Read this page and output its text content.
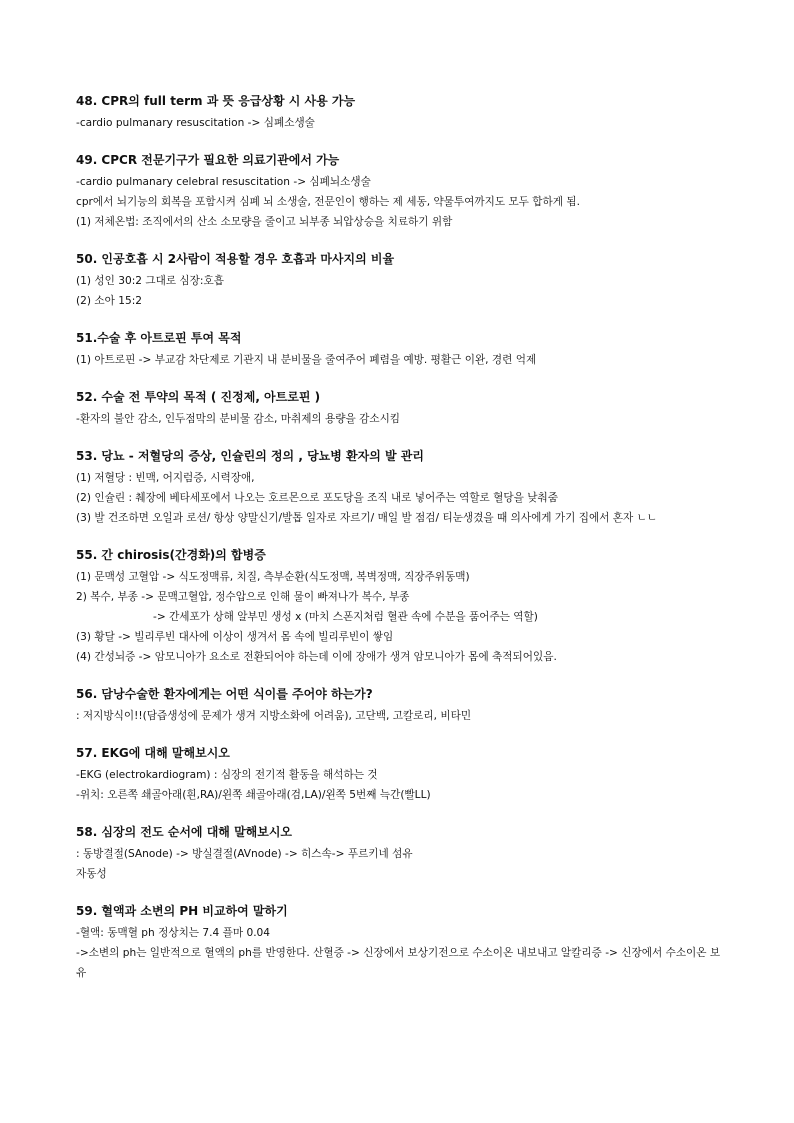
48. CPR의 full term 과 뜻 응급상황 시 사용 가능

-cardio pulmanary resuscitation -> 심폐소생술

49. CPCR 전문기구가 필요한 의료기관에서 가능

-cardio pulmanary celebral resuscitation -> 심폐뇌소생술

cpr에서 뇌기능의 회복을 포함시켜 심폐 뇌 소생술, 전문인이 행하는 제 세동, 약물투여까지도 모두 합하게 됨.

(1) 저체온법: 조직에서의 산소 소모량을 줄이고 뇌부종 뇌압상승을 치료하기 위함

50. 인공호흡 시 2사람이 적용할 경우 호흡과 마사지의 비율

(1) 성인 30:2 그대로 심장:호흡

(2) 소아 15:2

51.수술 후 아트로핀 투여 목적

(1) 아트로핀 -> 부교감 차단제로 기관지 내 분비물을 줄여주어 폐렴을 예방. 평활근 이완, 경련 억제

52. 수술 전 투약의 목적 ( 진정제, 아트로핀 )

-환자의 불안 감소, 인두점막의 분비물 감소, 마취제의 용량을 감소시킴

53. 당뇨 - 저혈당의 증상, 인슐린의 정의 , 당뇨병 환자의 발 관리

(1) 저혈당 : 빈맥, 어지럼증, 시력장애,

(2) 인슐린 : 췌장에 베타세포에서 나오는 호르몬으로 포도당을 조직 내로 넣어주는 역할로 혈당을 낮춰줌

(3) 발 건조하면 오일과 로션/ 항상 양말신기/발톱 일자로 자르기/ 매일 발 점검/ 티눈생겼을 때 의사에게 가기 집에서 혼자 ㄴㄴ

55. 간 chirosis(간경화)의 합병증

(1) 문맥성 고혈압 -> 식도정맥류, 치질, 측부순환(식도정맥, 복벽정맥, 직장주위동맥)

2) 복수, 부종 -> 문맥고혈압, 정수압으로 인해 물이 빠져나가 복수, 부종

-> 간세포가 상해 알부민 생성 x (마치 스폰지처럼 혈관 속에 수분을 품어주는 역할)

(3) 황달 -> 빌리루빈 대사에 이상이 생겨서 몸 속에 빌리루빈이 쌓임

(4) 간성뇌증 -> 암모니아가 요소로 전환되어야 하는데 이에 장애가 생겨 암모니아가 몸에 축적되어있음.

56. 담낭수술한 환자에게는 어떤 식이를 주어야 하는가?

: 저지방식이!!(담즙생성에 문제가 생겨 지방소화에 어려움), 고단백, 고칼로리, 비타민

57. EKG에 대해 말해보시오

-EKG (electrokardiogram) : 심장의 전기적 활동을 해석하는 것

-위치: 오른쪽 쇄골아래(흰,RA)/왼쪽 쇄골아래(검,LA)/왼쪽 5번째 늑간(빨LL)

58. 심장의 전도 순서에 대해 말해보시오

: 동방결절(SAnode) -> 방실결절(AVnode) -> 히스속-> 푸르키네 섬유

자동성

59. 혈액과 소변의 PH 비교하여 말하기

-혈액: 동맥혈 ph 정상치는 7.4 플마 0.04

->소변의 ph는 일반적으로 혈액의 ph를 반영한다. 산혈증 -> 신장에서 보상기전으로 수소이온 내보내고 알칼리증 -> 신장에서 수소이온 보유
